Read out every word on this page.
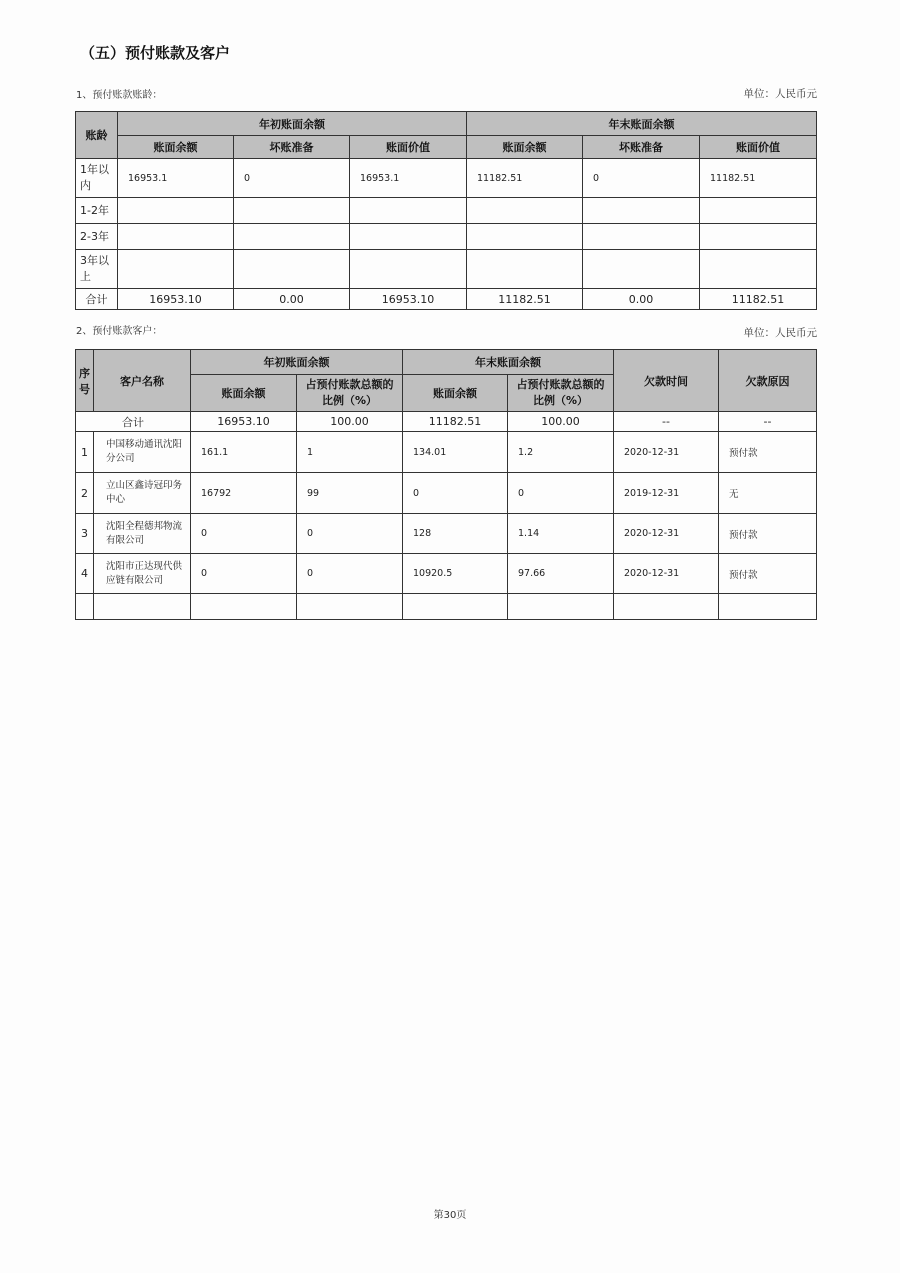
（五）预付账款及客户
1、预付账款账龄：	单位：人民币元
账龄	年初账面余额			年末账面余额		
	账面余额	坏账准备	账面价值	账面余额	坏账准备	账面价值
1年以内	16953.1	0	16953.1	11182.51	0	11182.51
1-2年						
2-3年						
3年以上						
合计	16953.10	0.00	16953.10	11182.51	0.00	11182.51
2、预付账款客户：	单位：人民币元
序号	客户名称	年初账面余额		年末账面余额		欠款时间	欠款原因
		账面余额	占预付账款总额的比例（%）	账面余额	占预付账款总额的比例（%）		
合计		16953.10	100.00	11182.51	100.00	--	--
1	中国移动通讯沈阳分公司	161.1	1	134.01	1.2	2020-12-31	预付款
2	立山区鑫诗冠印务中心	16792	99	0	0	2019-12-31	无
3	沈阳全程德邦物流有限公司	0	0	128	1.14	2020-12-31	预付款
4	沈阳市正达现代供应链有限公司	0	0	10920.5	97.66	2020-12-31	预付款

第30页
